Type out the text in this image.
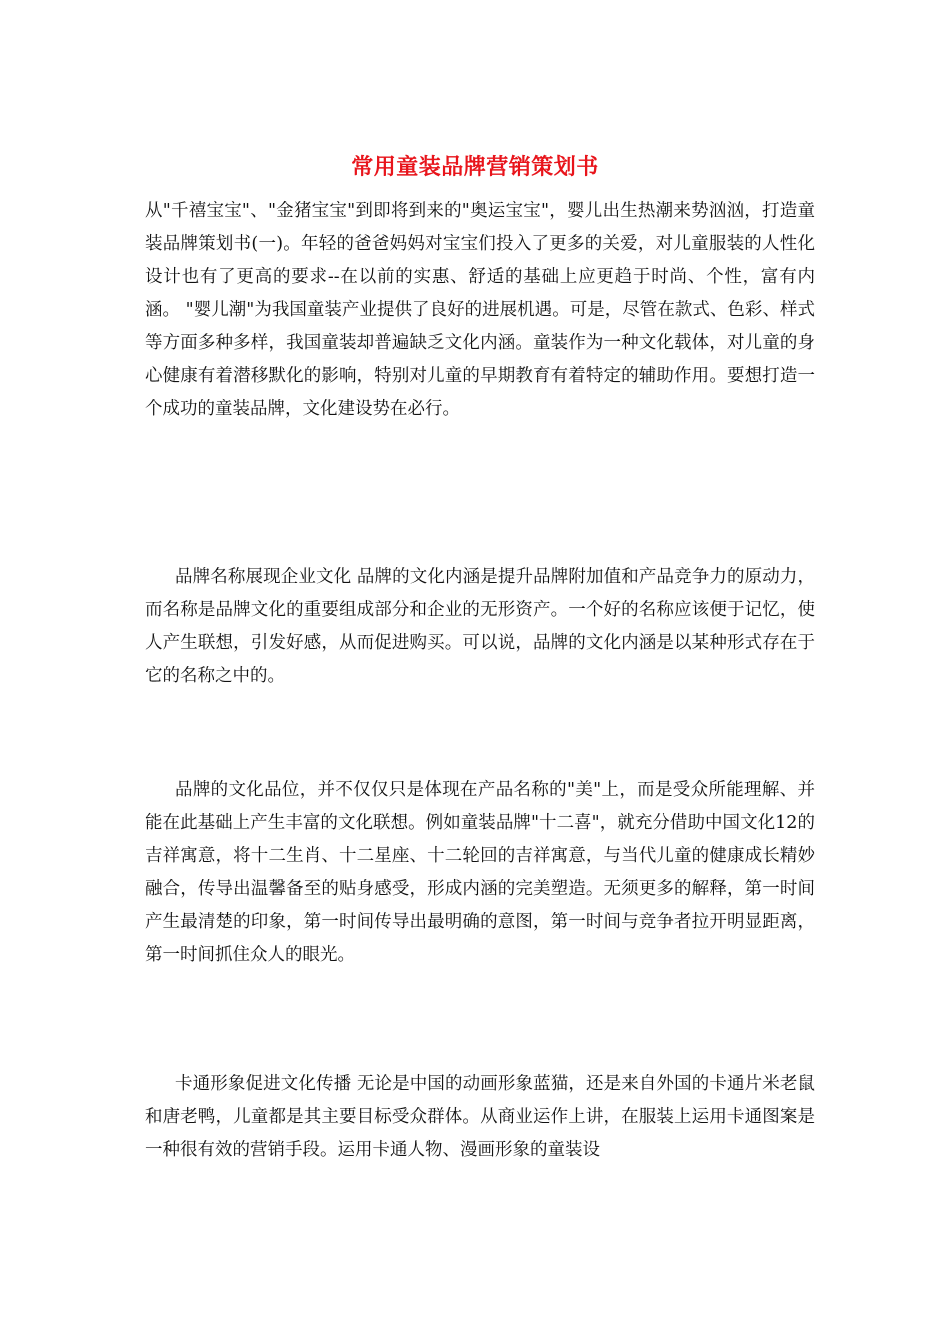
常用童装品牌营销策划书
从"千禧宝宝"、"金猪宝宝"到即将到来的"奥运宝宝"，婴儿出生热潮来势汹汹，打造童装品牌策划书(一)。年轻的爸爸妈妈对宝宝们投入了更多的关爱，对儿童服装的人性化设计也有了更高的要求--在以前的实惠、舒适的基础上应更趋于时尚、个性，富有内涵。 "婴儿潮"为我国童装产业提供了良好的进展机遇。可是，尽管在款式、色彩、样式等方面多种多样，我国童装却普遍缺乏文化内涵。童装作为一种文化载体，对儿童的身心健康有着潜移默化的影响，特别对儿童的早期教育有着特定的辅助作用。要想打造一个成功的童装品牌，文化建设势在必行。
品牌名称展现企业文化 品牌的文化内涵是提升品牌附加值和产品竞争力的原动力，而名称是品牌文化的重要组成部分和企业的无形资产。一个好的名称应该便于记忆，使人产生联想，引发好感，从而促进购买。可以说，品牌的文化内涵是以某种形式存在于它的名称之中的。
品牌的文化品位，并不仅仅只是体现在产品名称的"美"上，而是受众所能理解、并能在此基础上产生丰富的文化联想。例如童装品牌"十二喜"，就充分借助中国文化12的吉祥寓意，将十二生肖、十二星座、十二轮回的吉祥寓意，与当代儿童的健康成长精妙融合，传导出温馨备至的贴身感受，形成内涵的完美塑造。无须更多的解释，第一时间产生最清楚的印象，第一时间传导出最明确的意图，第一时间与竞争者拉开明显距离，第一时间抓住众人的眼光。
卡通形象促进文化传播 无论是中国的动画形象蓝猫，还是来自外国的卡通片米老鼠和唐老鸭，儿童都是其主要目标受众群体。从商业运作上讲，在服装上运用卡通图案是一种很有效的营销手段。运用卡通人物、漫画形象的童装设
